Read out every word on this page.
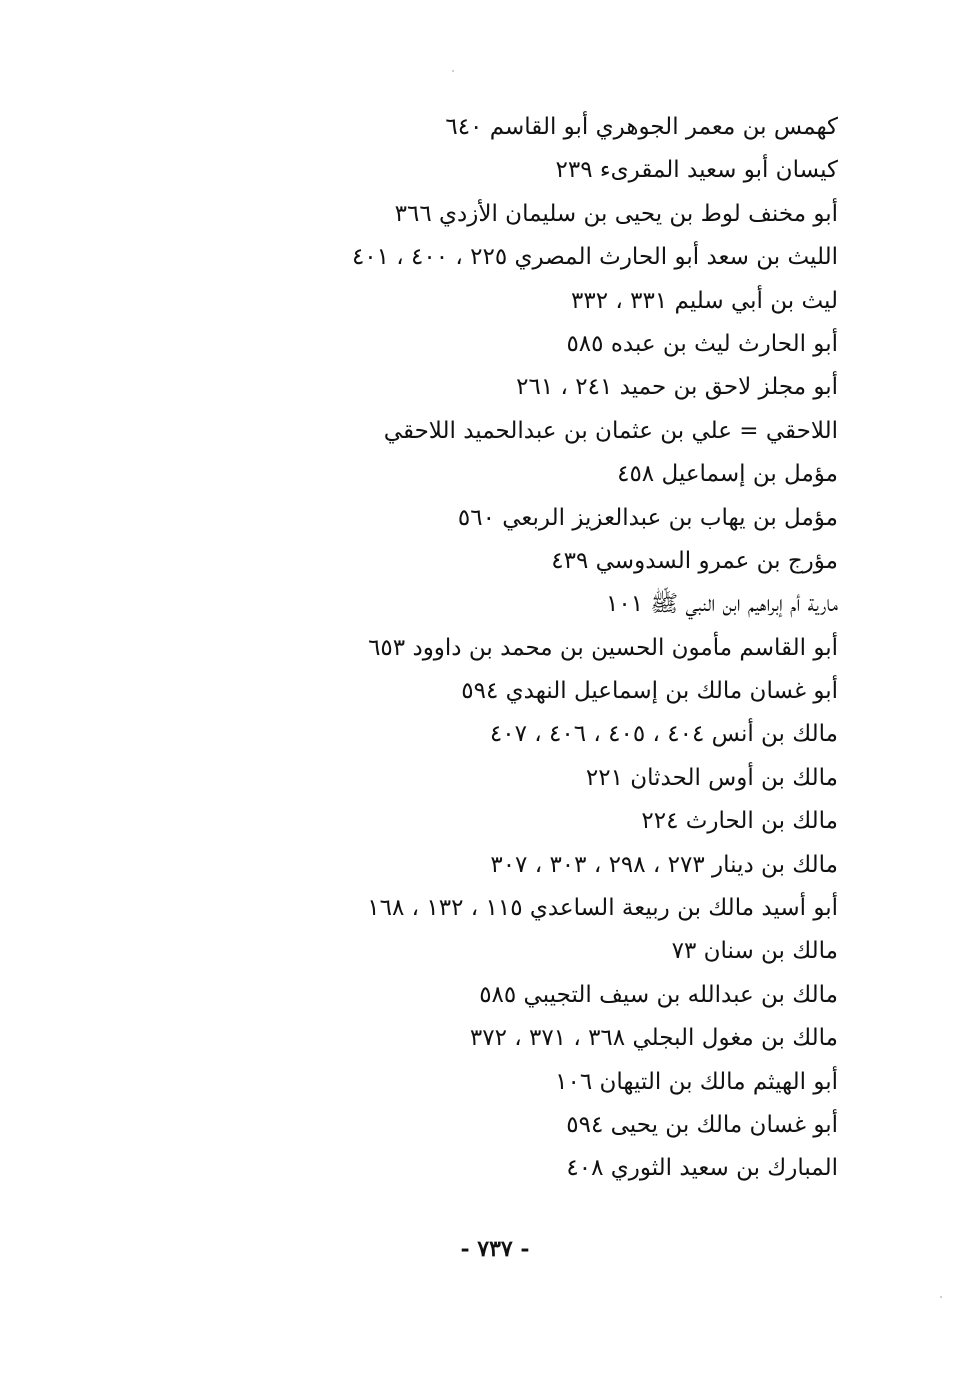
كهمس بن معمر الجوهري أبو القاسم ٦٤٠
كيسان أبو سعيد المقرىء ٢٣٩
أبو مخنف لوط بن يحيى بن سليمان الأزدي ٣٦٦
الليث بن سعد أبو الحارث المصري ٢٢٥ ، ٤٠٠ ، ٤٠١
ليث بن أبي سليم ٣٣١ ، ٣٣٢
أبو الحارث ليث بن عبده ٥٨٥
أبو مجلز لاحق بن حميد ٢٤١ ، ٢٦١
اللاحقي = علي بن عثمان بن عبدالحميد اللاحقي
مؤمل بن إسماعيل ٤٥٨
مؤمل بن يهاب بن عبدالعزيز الربعي ٥٦٠
مؤرج بن عمرو السدوسي ٤٣٩
مارية أم إبراهيم ابن النبي ﷺ ١٠١
أبو القاسم مأمون الحسين بن محمد بن داوود ٦٥٣
أبو غسان مالك بن إسماعيل النهدي ٥٩٤
مالك بن أنس ٤٠٤ ، ٤٠٥ ، ٤٠٦ ، ٤٠٧
مالك بن أوس الحدثان ٢٢١
مالك بن الحارث ٢٢٤
مالك بن دينار ٢٧٣ ، ٢٩٨ ، ٣٠٣ ، ٣٠٧
أبو أسيد مالك بن ربيعة الساعدي ١١٥ ، ١٣٢ ، ١٦٨
مالك بن سنان ٧٣
مالك بن عبدالله بن سيف التجيبي ٥٨٥
مالك بن مغول البجلي ٣٦٨ ، ٣٧١ ، ٣٧٢
أبو الهيثم مالك بن التيهان ١٠٦
أبو غسان مالك بن يحيى ٥٩٤
المبارك بن سعيد الثوري ٤٠٨
- ٧٣٧ -
